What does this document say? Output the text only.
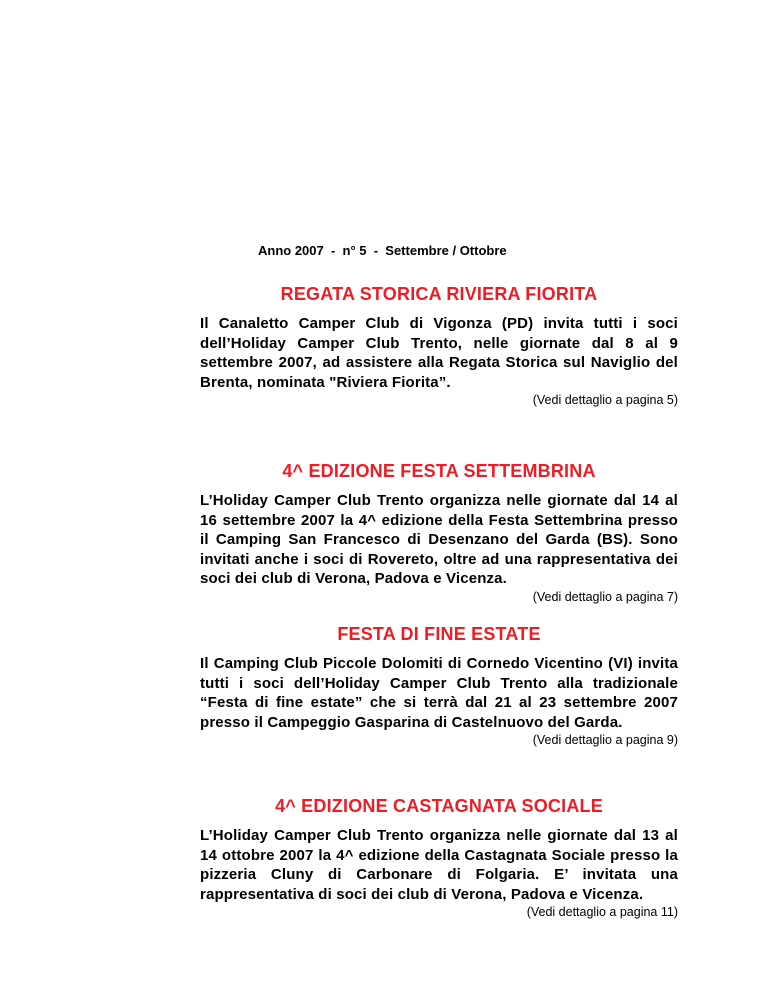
Anno 2007  -  n° 5  -  Settembre / Ottobre
REGATA STORICA RIVIERA FIORITA
Il Canaletto Camper Club di Vigonza (PD) invita tutti i soci dell’Holiday Camper Club Trento, nelle giornate dal 8 al 9 settembre 2007, ad assistere alla Regata Storica sul Naviglio del Brenta, nominata "Riviera Fiorita”.
(Vedi dettaglio a pagina 5)
4^ EDIZIONE FESTA SETTEMBRINA
L’Holiday Camper Club Trento organizza nelle giornate dal 14 al 16 settembre 2007 la 4^ edizione della Festa Settembrina presso il Camping San Francesco di Desenzano del Garda (BS). Sono invitati anche i soci di Rovereto, oltre ad una rappresentativa dei soci dei club di Verona, Padova e Vicenza.
(Vedi dettaglio a pagina 7)
FESTA DI FINE ESTATE
Il Camping Club Piccole Dolomiti di Cornedo Vicentino (VI) invita tutti i soci dell’Holiday Camper Club Trento alla tradizionale “Festa di fine estate” che si terrà dal 21 al 23 settembre 2007 presso il Campeggio Gasparina di Castelnuovo del Garda.
(Vedi dettaglio a pagina 9)
4^ EDIZIONE CASTAGNATA SOCIALE
L’Holiday Camper Club Trento organizza nelle giornate dal 13 al 14 ottobre 2007 la 4^ edizione della Castagnata Sociale presso la pizzeria Cluny di Carbonare di Folgaria. E’ invitata una rappresentativa di soci dei club di Verona, Padova e Vicenza.
(Vedi dettaglio a pagina 11)
